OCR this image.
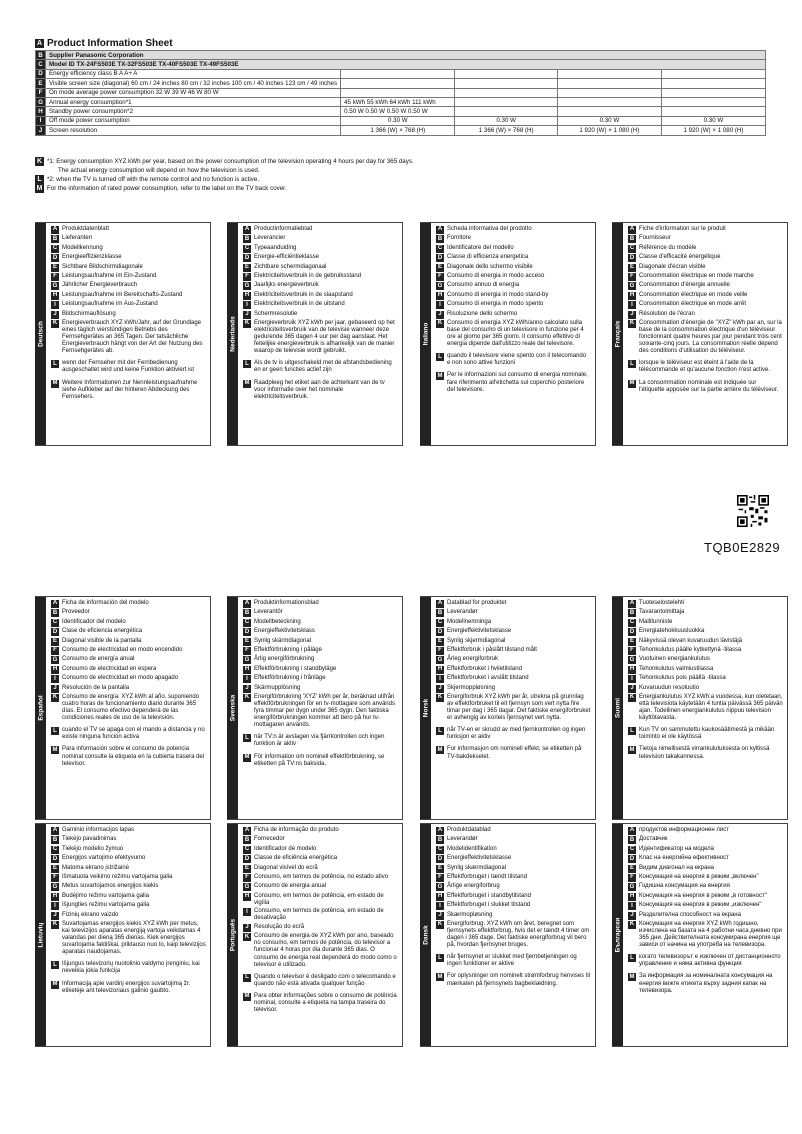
A Product Information Sheet
B	Supplier Panasonic Corporation				
C	Model ID TX-24FS503E TX-32FS503E TX-40FS503E TX-49FS503E				
D	Energy efficiency class B A A+ A				
E	Visible screen size (diagonal) 60 cm / 24 inches 80 cm / 32 inches 100 cm / 40 inches 123 cm / 49 inches				
F	On mode average power consumption 32 W 39 W 46 W 80 W				
G	Annual energy consumption*1	45 kWh 55 kWh 64 kWh 111 kWh			
H	Standby power consumption*2	0.50 W 0.50 W 0.50 W 0.50 W			
I	Off mode power consumption	0.30 W	0.30 W	0.30 W	0.30 W
J	Screen resolution	1 366 (W) × 768 (H)	1 366 (W) × 768 (H)	1 920 (W) × 1 080 (H)	1 920 (W) × 1 080 (H)
K *1: Energy consumption XYZ kWh per year, based on the power consumption of the television operating 4 hours per day for 365 days.
The actual energy consumption will depend on how the television is used.
L *2: when the TV is turned off with the remote control and no function is active.
M For the information of rated power consumption, refer to the label on the TV back cover.
Deutsch
A Produktdatenblatt
B Lieferanten
C Modellkennung
D Energieeffizienzklasse
E Sichtbare Bildschirmdiagonale
F Leistungsaufnahme im Ein-Zustand
G Jährlicher Energieverbrauch
H Leistungsaufnahme im Bereitschafts-Zustand
I	Leistungsaufnahme im Aus-Zustand
J Bildschirmauflösung
K Energieverbrauch XYZ kWh/Jahr, auf der Grundlage eines täglich vierstündigen Betriebs des Fernsehgerätes an 365 Tagen. Der tatsächliche Energieverbrauch hängt von der Art der Nutzung des Fernsehgerätes ab.
L wenn der Fernseher mit der Fernbedienung ausgeschaltet wird und keine Funktion aktiviert ist
M Weitere Informationen zur Nennleistungsaufnahme siehe Aufkleber auf der hinteren Abdeckung des Fernsehers.
Nederlands
A Productinformatieblad
B Leverancier
C Typeaanduiding
D Energie-efficiëntieklasse
E Zichtbare schermdiagonaal
F Elektriciteitsverbruik in de gebruiksstand
G Jaarlijks energieverbruik
H Elektriciteitsverbruik in de slaapstand
I	Elektriciteitsverbruik in de uitstand
J Schermresolutie
K Energieverbruik XYZ kWh per jaar, gebaseerd op het elektriciteitsverbruik van de televisie wanneer deze gedurende 365 dagen 4 uur per dag aanstaat. Het feitelijke energieverbruik is afhankelijk van de manier waarop de televisie wordt gebruikt.
L Als de tv is uitgeschakeld met de afstandsbediening en er geen functies actief zijn
M Raadpleeg het etiket aan de achterkant van de tv voor informatie over het nominale elektriciteitsverbruik.
Italiano
A Scheda informativa del prodotto
B Fornitore
C Identificatore del modello
D Classe di efficienza energetica
E Diagonale dello schermo visibile
F Consumo di energia in modo acceso
G Consumo annuo di energia
H Consumo di energia in modo stand-by
I	Consumo di energia in modo spento
J Risoluzione dello schermo
K Consumo di energia XYZ kWh/anno calcolato sulla base del consumo di un televisore in funzione per 4 ore al giorno per 365 giorni. Il consumo effettivo di energia dipende dall'utilizzo reale del televisore.
L quando il televisore viene spento con il telecomando e non sono attive funzioni
M Per le informazioni sul consumo di energia nominale, fare riferimento all'etichetta sul coperchio posteriore del televisore.
Français
A Fiche d'information sur le produit
B Fournisseur
C Référence du modèle
D Classe d'efficacité énergétique
E Diagonale d'écran visible
F Consommation électrique en mode marche
G Consommation d'énergie annuelle
H Consommation électrique en mode veille
I	Consommation électrique en mode arrêt
J Résolution de l'écran
K Consommation d'énergie de "XYZ" kWh par an, sur la base de la consommation électrique d'un téléviseur fonctionnant quatre heures par jour pendant trois cent soixante-cinq jours. La consommation réelle dépend des conditions d'utilisation du téléviseur.
L lorsque le téléviseur est éteint à l'aide de la télécommande et qu'aucune fonction n'est active.
M La consommation nominale est indiquée sur l'étiquette apposée sur la partie arrière du téléviseur.
Español
A Ficha de información del modelo
B Proveedor
C Identificador del modelo
D Clase de eficiencia energética
E Diagonal visible de la pantalla
F Consumo de electricidad en modo encendido
G Consumo de energía anual
H Consumo de electricidad en espera
I	Consumo de electricidad en modo apagado
J Resolución de la pantalla
K Consumo de energía: XYZ kWh al año, suponiendo cuatro horas de funcionamiento diario durante 365 días. El consumo efectivo dependerá de las condiciones reales de uso de la televisión.
L cuando el TV se apaga con el mando a distancia y no existe ninguna función activa
M Para información sobre el consumo de potencia nominal consulte la etiqueta en la cubierta trasera del televisor.
Svenska
A Produktinformationsblad
B Leverantör
C Modellbeteckning
D Energieffektivitetsklass
E Synlig skärmdiagonal
F Effektförbrukning i påläge
G Årlig energiförbrukning
H Effektförbrukning i standbyläge
I	Effektförbrukning i frånläge
J Skärmupplösning
K Energiförbrukning 'XYZ' kWh per år, beräknad utifrån effektförbrukningen för en tv-mottagare som används fyra timmar per dygn under 365 dygn. Den faktiska energiförbrukningen kommer att bero på hur tv-mottagaren används.
L när TV:n är avslagen via fjärrkontrollen och ingen funktion är aktiv
M För information om nominell effektförbrukning, se etiketten på TV:ns baksida.
Norsk
A Datablad for produktet
B Leverandør
C Modellnemninga
D Energieffektivitetsklasse
E Synlig skjermdiagonal
F Effektforbruk i påslått tilstand målt
G Årleg energiforbruk
H Effektforbruket i hviletilstand
I	Effektforbruket i avslått tilstand
J Skjermoppløsning
K Energiforbruk XYZ kWh per år, utrekna på grunnlag av effektforbruket til eit fjernsyn som vert nytta fire timar per dag i 365 dagar. Det faktiske energiforbruket er avhengig av korleis fjernsynet vert nytta.
L når TV-en er skrudd av med fjernkontrollen og ingen funksjon er aktiv
M For informasjon om nominell effekt, se etiketten på TV-bakdekselet.
Suomi
A Tuoteseloste​lehti
B Tavarantoimittaja
C Mallitunniste
D Energiatehokkuusluokka
E Näkyvissä olevan kuvaruudun lävistäjä
F Tehonkulutus päälle kytkettynä -tilassa
G Vuotuinen energiankulutus
H Tehonkulutus valmiustilassa
I	Tehonkulutus pois päältä -tilassa
J Kuvaruudun resoluutio
K Energiankulutus XYZ kWh:a vuodessa, kun oletetaan, että televisiota käytetään 4 tuntia päivässä 365 päivän ajan. Todellinen energiankulutus riippuu television käyttötavasta.
L Kun TV on sammutettu kaukosäätimestä ja mikään toiminto ei ole käytössä
M Tietoja nimellisestä virrankulutuksesta on kyltissä television takakannessa.
Lietuvių
A Gaminio informacijos lapas
B Tiekėjo pavadinimas
C Tiekėjo modelio žymuo
D Energijos vartojimo efektyvumo
E Matoma ekrano įstrižainė
F Išmatuota veikimo režimu vartojama galia
G Metus suvartojamos energijos kiekis
H Budėjimo režimu vartojama galia
I	Išjungties režimu vartojama galia
J Fizinių ekrano vaizdo
K Suvartojamas energijos kiekis XYZ kWh per metus, kai televizijos aparatas energiją vartoja veikdamas 4 valandas per dieną 365 dienas. Kiek energijos suvartojama faktiškai, priklauso nuo to, kaip televizijos aparatas naudojamas.
L Išjungus televizorių nuotolinio valdymo įrenginiu, kai neveikia jokia funkcija
M Informaciją apie vardinį energijos suvartojimą žr. etiketėje ant televizoriaus galinio gaubto.
Português
A Ficha de informação do produto
B Fornecedor
C Identificador de modelo
D Classe de eficiência energética
E Diagonal visível do ecrã
F Consumo, em termos de potência, no estado ativo
G Consumo de energia anual
H Consumo, em termos de potência, em estado de vigília
I	Consumo, em termos de potência, em estado de desativação
J Resolução do ecrã
K Consumo de energia de XYZ kWh por ano, baseado no consumo, em termos de potência, do televisor a funcionar 4 horas por dia durante 365 dias. O consumo de energia real dependerá do modo como o televisor é utilizado.
L Quando o televisor é desligado com o telecomando e quando não está ativada qualquer função
M Para obter informações sobre o consumo de potência nominal, consulte a etiqueta na tampa traseira do televisor.
Dansk
A Produktdatablad
B Leverandør
C Modelidentifikation
D Energieffektivitetsklasse
E Synlig skærmdiagonal
F Effektforbruget i tændt tilstand
G Årlige energiforbrug
H Effektforbruget i standbytilstand
I	Effektforbruget i slukket tilstand
J Skærmopløsning
K Energiforbrug: XYZ kWh om året, beregnet som fjernsynets effektforbrug, hvis det er tændt 4 timer om dagen i 365 dage. Det faktiske energiforbrug vil bero på, hvordan fjernsynet bruges.
L når fjernsynet er slukket med fjernbetjeningen og ingen funktioner er aktive
M For oplysninger om nominelt strømforbrug henvises til mærkaten på fjernsynets bagbeklædning.
Български
A продуктов информационен лист
B Доставчик
C Идентификатор на модела
D Клас на енергийна ефективност
E Видим диагонал на екрана
F Консумация на енергия в режим „включен"
G Годишна консумация на енергия
H Консумация на енергия в режим „в готовност"
I	Консумация на енергия в режим „изключен"
J Разделителна способност на екрана
K Консумация на енергия XYZ kWh годишно, изчислена на базата на 4 работни часа дневно при 365 дни. Действителната консумирана енергия ще зависи от начина на употреба на телевизора.
L когато телевизорът е изключен от дистанционното управление и няма активна функция
M За информация за номиналната консумация на енергия вижте етикета върху задния капак на телевизора.
TQB0E2829
